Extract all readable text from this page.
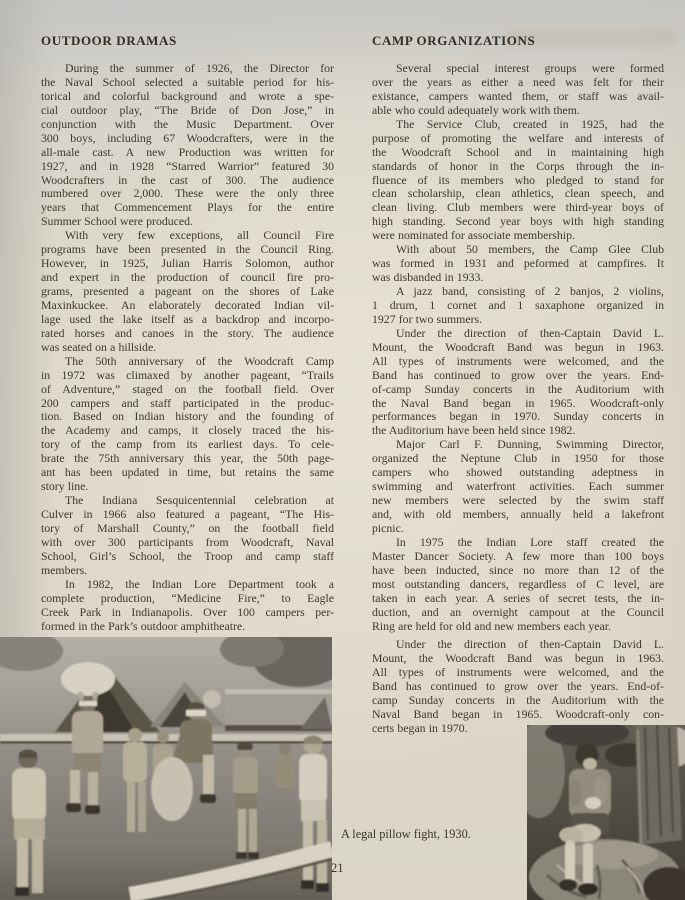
OUTDOOR DRAMAS
During the summer of 1926, the Director for
the Naval School selected a suitable period for his-
torical and colorful background and wrote a spe-
cial outdoor play, “The Bride of Don Jose,” in
conjunction with the Music Department. Over
300 boys, including 67 Woodcrafters, were in the
all-male cast. A new Production was written for
1927, and in 1928 “Starred Warrior” featured 30
Woodcrafters in the cast of 300. The audience
numbered over 2,000. These were the only three
years that Commencement Plays for the entire
Summer School were produced.
With very few exceptions, all Council Fire
programs have been presented in the Council Ring.
However, in 1925, Julian Harris Solomon, author
and expert in the production of council fire pro-
grams, presented a pageant on the shores of Lake
Maxinkuckee. An elaborately decorated Indian vil-
lage used the lake itself as a backdrop and incorpo-
rated horses and canoes in the story. The audience
was seated on a hillside.
The 50th anniversary of the Woodcraft Camp
in 1972 was climaxed by another pageant, “Trails
of Adventure,” staged on the football field. Over
200 campers and staff participated in the produc-
tion. Based on Indian history and the founding of
the Academy and camps, it closely traced the his-
tory of the camp from its earliest days. To cele-
brate the 75th anniversary this year, the 50th page-
ant has been updated in time, but retains the same
story line.
The Indiana Sesquicentennial celebration at
Culver in 1966 also featured a pageant, “The His-
tory of Marshall County,” on the football field
with over 300 participants from Woodcraft, Naval
School, Girl’s School, the Troop and camp staff
members.
In 1982, the Indian Lore Department took a
complete production, “Medicine Fire,” to Eagle
Creek Park in Indianapolis. Over 100 campers per-
formed in the Park’s outdoor amphitheatre.
CAMP ORGANIZATIONS
Several special interest groups were formed
over the years as either a need was felt for their
existance, campers wanted them, or staff was avail-
able who could adequately work with them.
The Service Club, created in 1925, had the
purpose of promoting the welfare and interests of
the Woodcraft School and in maintaining high
standards of honor in the Corps through the in-
fluence of its members who pledged to stand for
clean scholarship, clean athletics, clean speech, and
clean living. Club members were third-year boys of
high standing. Second year boys with high standing
were nominated for associate membership.
With about 50 members, the Camp Glee Club
was formed in 1931 and peformed at campfires. It
was disbanded in 1933.
A jazz band, consisting of 2 banjos, 2 violins,
1 drum, 1 cornet and 1 saxaphone organized in
1927 for two summers.
Under the direction of then-Captain David L.
Mount, the Woodcraft Band was begun in 1963.
All types of instruments were welcomed, and the
Band has continued to grow over the years. End-
of-camp Sunday concerts in the Auditorium with
the Naval Band began in 1965. Woodcraft-only
performances began in 1970. Sunday concerts in
the Auditorium have been held since 1982.
Major Carl F. Dunning, Swimming Director,
organized the Neptune Club in 1950 for those
campers who showed outstanding adeptness in
swimming and waterfront activities. Each summer
new members were selected by the swim staff
and, with old members, annually held a lakefront
picnic.
In 1975 the Indian Lore staff created the
Master Dancer Society. A few more than 100 boys
have been inducted, since no more than 12 of the
most outstanding dancers, regardless of C level, are
taken in each year. A series of secret tests, the in-
duction, and an overnight campout at the Council
Ring are held for old and new members each year.
Under the direction of then-Captain David L.
Mount, the Woodcraft Band was begun in 1963.
All types of instruments were welcomed, and the
Band has continued to grow over the years. End-of-
camp Sunday concerts in the Auditorium with the
Naval Band began in 1965. Woodcraft-only con-
certs began in 1970.
A legal pillow fight, 1930.
21
